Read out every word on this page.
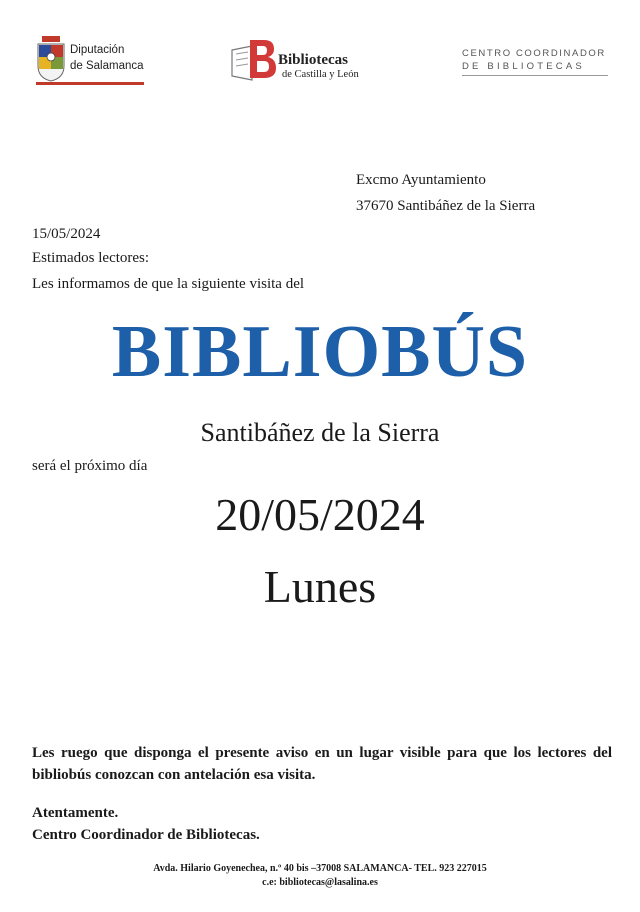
Diputación
de Salamanca	Bibliotecas
de Castilla y León
CENTRO COORDINADOR
DE BIBLIOTECAS
Excmo Ayuntamiento
37670 Santibáñez de la Sierra
15/05/2024
Estimados lectores:
Les informamos de que la siguiente visita del
BIBLIOBÚS
Santibáñez de la Sierra
será el próximo día
20/05/2024
Lunes
Les ruego que disponga el presente aviso en un lugar visible para que los lectores del bibliobús conozcan con antelación esa visita.
Atentamente.
Centro Coordinador de Bibliotecas.
Avda. Hilario Goyenechea, n.º 40 bis –37008 SALAMANCA- TEL. 923 227015
c.e: bibliotecas@lasalina.es
